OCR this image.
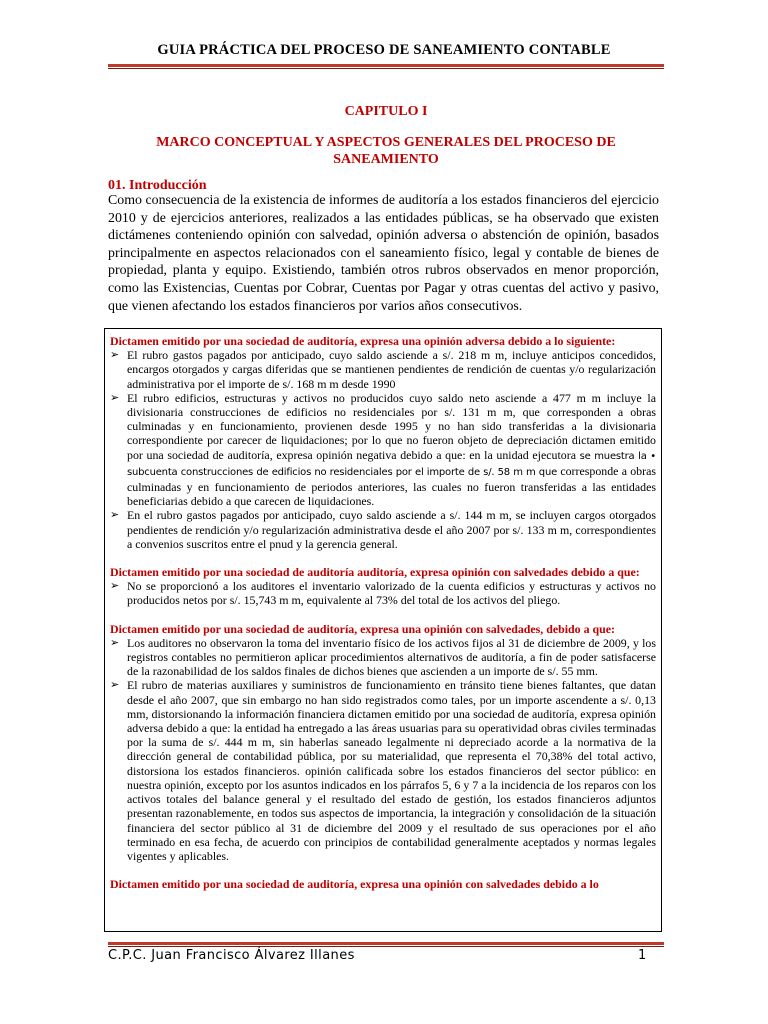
GUIA PRÁCTICA DEL PROCESO DE SANEAMIENTO CONTABLE
CAPITULO I
MARCO CONCEPTUAL Y ASPECTOS GENERALES DEL PROCESO DE SANEAMIENTO
01. Introducción

Como consecuencia de la existencia de informes de auditoría a los estados financieros del ejercicio 2010 y de ejercicios anteriores, realizados a las entidades públicas, se ha observado que existen dictámenes conteniendo opinión con salvedad, opinión adversa o abstención de opinión, basados principalmente en aspectos relacionados con el saneamiento físico, legal y contable de bienes de propiedad, planta y equipo. Existiendo, también otros rubros observados en menor proporción, como las Existencias, Cuentas por Cobrar, Cuentas por Pagar y otras cuentas del activo y pasivo, que vienen afectando los estados financieros por varios años consecutivos.

Dictamen emitido por una sociedad de auditoría, expresa una opinión adversa debido a lo siguiente:

➢ El rubro gastos pagados por anticipado, cuyo saldo asciende a s/. 218 m m, incluye anticipos concedidos, encargos otorgados y cargas diferidas que se mantienen pendientes de rendición de cuentas y/o regularización administrativa por el importe de s/. 168 m m desde 1990
➢ El rubro edificios, estructuras y activos no producidos cuyo saldo neto asciende a 477 m m incluye la divisionaria construcciones de edificios no residenciales por s/. 131 m m, que corresponden a obras culminadas y en funcionamiento, provienen desde 1995 y no han sido transferidas a la divisionaria correspondiente por carecer de liquidaciones; por lo que no fueron objeto de depreciación dictamen emitido por una sociedad de auditoría, expresa opinión negativa debido a que: en la unidad ejecutora se muestra la • subcuenta construcciones de edificios no residenciales por el importe de s/. 58 m m que corresponde a obras culminadas y en funcionamiento de periodos anteriores, las cuales no fueron transferidas a las entidades beneficiarias debido a que carecen de liquidaciones.
➢ En el rubro gastos pagados por anticipado, cuyo saldo asciende a s/. 144 m m, se incluyen cargos otorgados pendientes de rendición y/o regularización administrativa desde el año 2007 por s/. 133 m m, correspondientes a convenios suscritos entre el pnud y la gerencia general.

Dictamen emitido por una sociedad de auditoría auditoría, expresa opinión con salvedades debido a que:

➢ No se proporcionó a los auditores el inventario valorizado de la cuenta edificios y estructuras y activos no producidos netos por s/. 15,743 m m, equivalente al 73% del total de los activos del pliego.

Dictamen emitido por una sociedad de auditoría, expresa una opinión con salvedades, debido a que:

➢ Los auditores no observaron la toma del inventario físico de los activos fijos al 31 de diciembre de 2009, y los registros contables no permitieron aplicar procedimientos alternativos de auditoría, a fin de poder satisfacerse de la razonabilidad de los saldos finales de dichos bienes que ascienden a un importe de s/. 55 mm.
➢ El rubro de materias auxiliares y suministros de funcionamiento en tránsito tiene bienes faltantes, que datan desde el año 2007, que sin embargo no han sido registrados como tales, por un importe ascendente a s/. 0,13 mm, distorsionando la información financiera dictamen emitido por una sociedad de auditoría, expresa opinión adversa debido a que: la entidad ha entregado a las áreas usuarias para su operatividad obras civiles terminadas por la suma de s/. 444 m m, sin haberlas saneado legalmente ni depreciado acorde a la normativa de la dirección general de contabilidad pública, por su materialidad, que representa el 70,38% del total activo, distorsiona los estados financieros. opinión calificada sobre los estados financieros del sector público: en nuestra opinión, excepto por los asuntos indicados en los párrafos 5, 6 y 7 a la incidencia de los reparos con los activos totales del balance general y el resultado del estado de gestión, los estados financieros adjuntos presentan razonablemente, en todos sus aspectos de importancia, la integración y consolidación de la situación financiera del sector público al 31 de diciembre del 2009 y el resultado de sus operaciones por el año terminado en esa fecha, de acuerdo con principios de contabilidad generalmente aceptados y normas legales vigentes y aplicables.

Dictamen emitido por una sociedad de auditoría, expresa una opinión con salvedades debido a lo

C.P.C. Juan Francisco Álvarez Illanes	1
